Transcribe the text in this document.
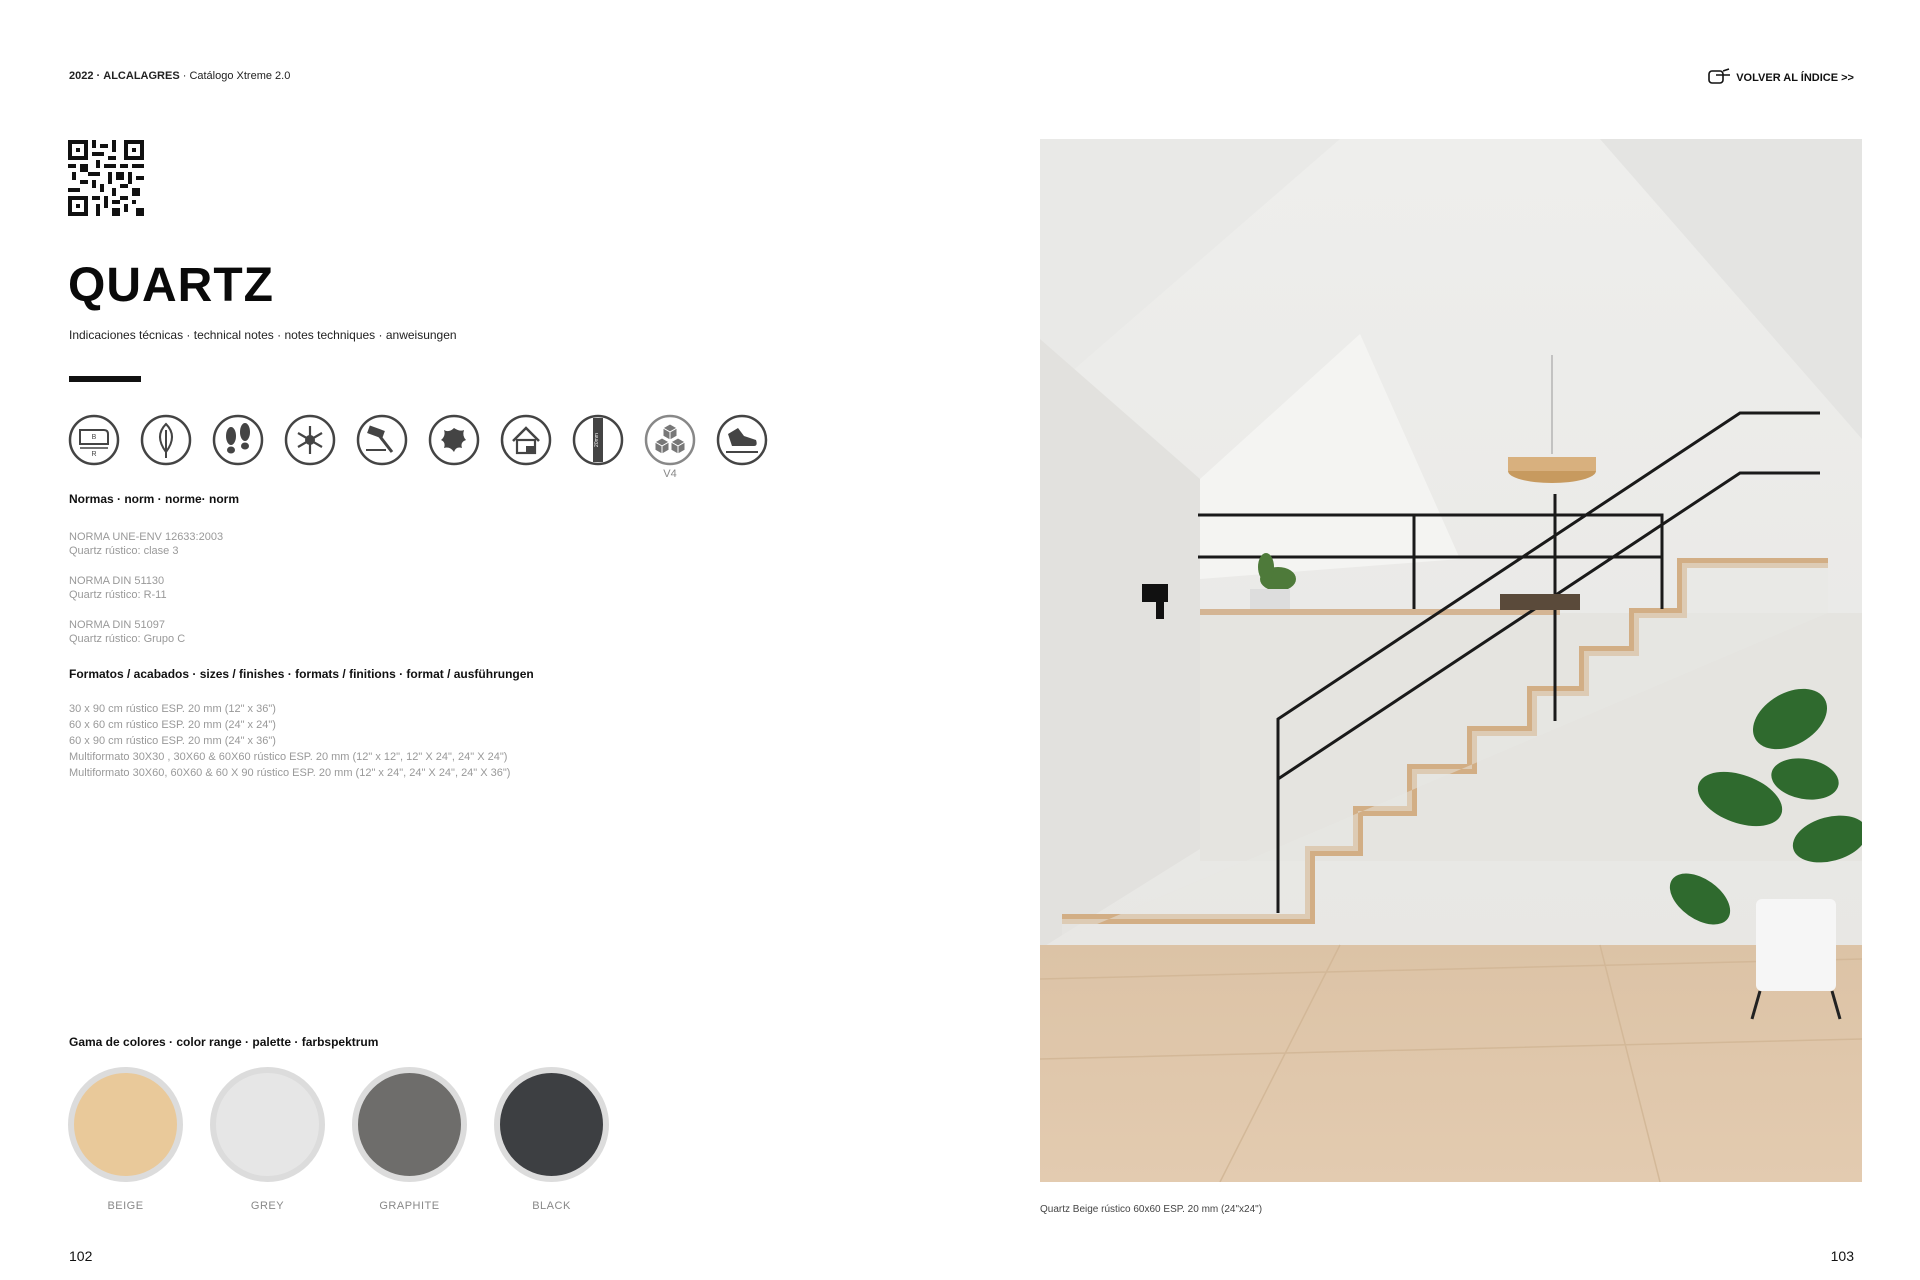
2022 · ALCALAGRES · Catálogo Xtreme 2.0	VOLVER AL ÍNDICE >>
QUARTZ
Indicaciones técnicas · technical notes · notes techniques · anweisungen
B
R
20mm
V4
Normas · norm · norme· norm
NORMA UNE-ENV 12633:2003
Quartz rústico: clase 3
NORMA DIN 51130
Quartz rústico: R-11
NORMA DIN 51097
Quartz rústico: Grupo C
Formatos / acabados · sizes / finishes · formats / finitions · format / ausführungen
30 x 90 cm rústico ESP. 20 mm (12" x 36")
60 x 60 cm rústico ESP. 20 mm (24" x 24")
60 x 90 cm rústico ESP. 20 mm (24" x 36")
Multiformato 30X30 , 30X60 & 60X60 rústico ESP. 20 mm (12" x 12", 12" X 24", 24" X 24")
Multiformato 30X60, 60X60 & 60 X 90 rústico ESP. 20 mm (12" x 24", 24" X 24", 24" X 36")
Gama de colores · color range · palette · farbspektrum
BEIGE	GREY	GRAPHITE	BLACK
102	103
Quartz Beige rústico 60x60 ESP. 20 mm (24"x24")
